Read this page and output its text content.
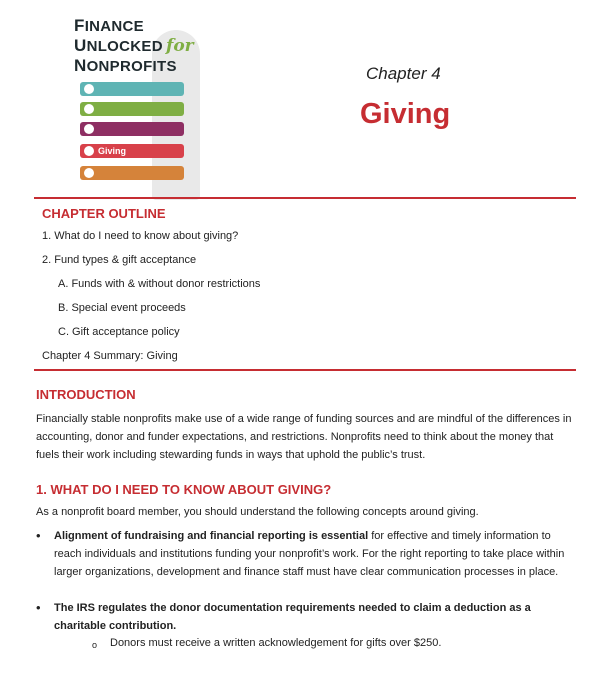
FINANCE
UNLOCKED for
NONPROFITS
Giving
Chapter 4
Giving
CHAPTER OUTLINE
1. What do I need to know about giving?
2. Fund types & gift acceptance
A. Funds with & without donor restrictions
B. Special event proceeds
C. Gift acceptance policy
Chapter 4 Summary: Giving
INTRODUCTION
Financially stable nonprofits make use of a wide range of funding sources and are mindful of the differences in accounting, donor and funder expectations, and restrictions. Nonprofits need to think about the money that fuels their work including stewarding funds in ways that uphold the public’s trust.
1. WHAT DO I NEED TO KNOW ABOUT GIVING?
As a nonprofit board member, you should understand the following concepts around giving.
• Alignment of fundraising and financial reporting is essential for effective and timely information to reach individuals and institutions funding your nonprofit’s work. For the right reporting to take place within larger organizations, development and finance staff must have clear communication processes in place.
• The IRS regulates the donor documentation requirements needed to claim a deduction as a charitable contribution.
o Donors must receive a written acknowledgement for gifts over $250.
